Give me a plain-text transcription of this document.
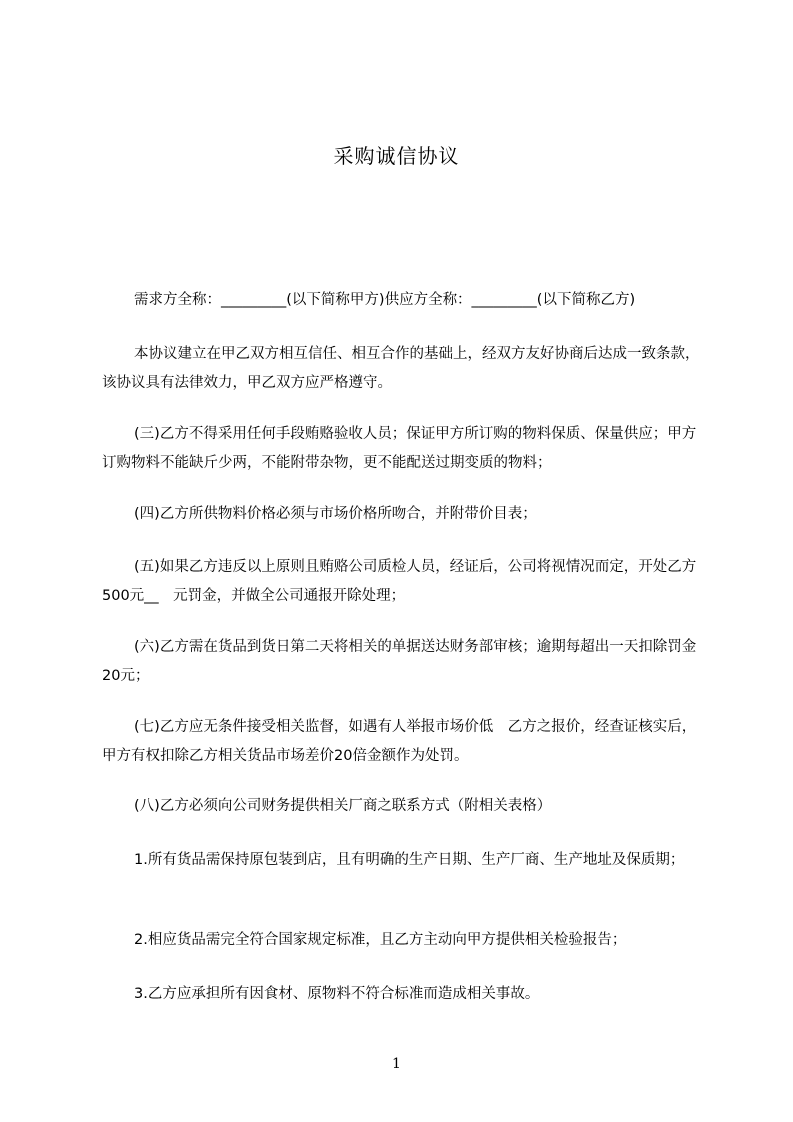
采购诚信协议
需求方全称：_________(以下简称甲方)供应方全称：_________(以下简称乙方)
本协议建立在甲乙双方相互信任、相互合作的基础上，经双方友好协商后达成一致条款，该协议具有法律效力，甲乙双方应严格遵守。
(三)乙方不得采用任何手段贿赂验收人员；保证甲方所订购的物料保质、保量供应；甲方订购物料不能缺斤少两，不能附带杂物，更不能配送过期变质的物料；
(四)乙方所供物料价格必须与市场价格所吻合，并附带价目表；
(五)如果乙方违反以上原则且贿赂公司质检人员，经证后，公司将视情况而定，开处乙方500元__　元罚金，并做全公司通报开除处理；
(六)乙方需在货品到货日第二天将相关的单据送达财务部审核；逾期每超出一天扣除罚金20元；
(七)乙方应无条件接受相关监督，如遇有人举报市场价低　乙方之报价，经查证核实后，甲方有权扣除乙方相关货品市场差价20倍金额作为处罚。
(八)乙方必须向公司财务提供相关厂商之联系方式（附相关表格）
1.所有货品需保持原包装到店，且有明确的生产日期、生产厂商、生产地址及保质期；
2.相应货品需完全符合国家规定标准，且乙方主动向甲方提供相关检验报告；
3.乙方应承担所有因食材、原物料不符合标准而造成相关事故。
1
